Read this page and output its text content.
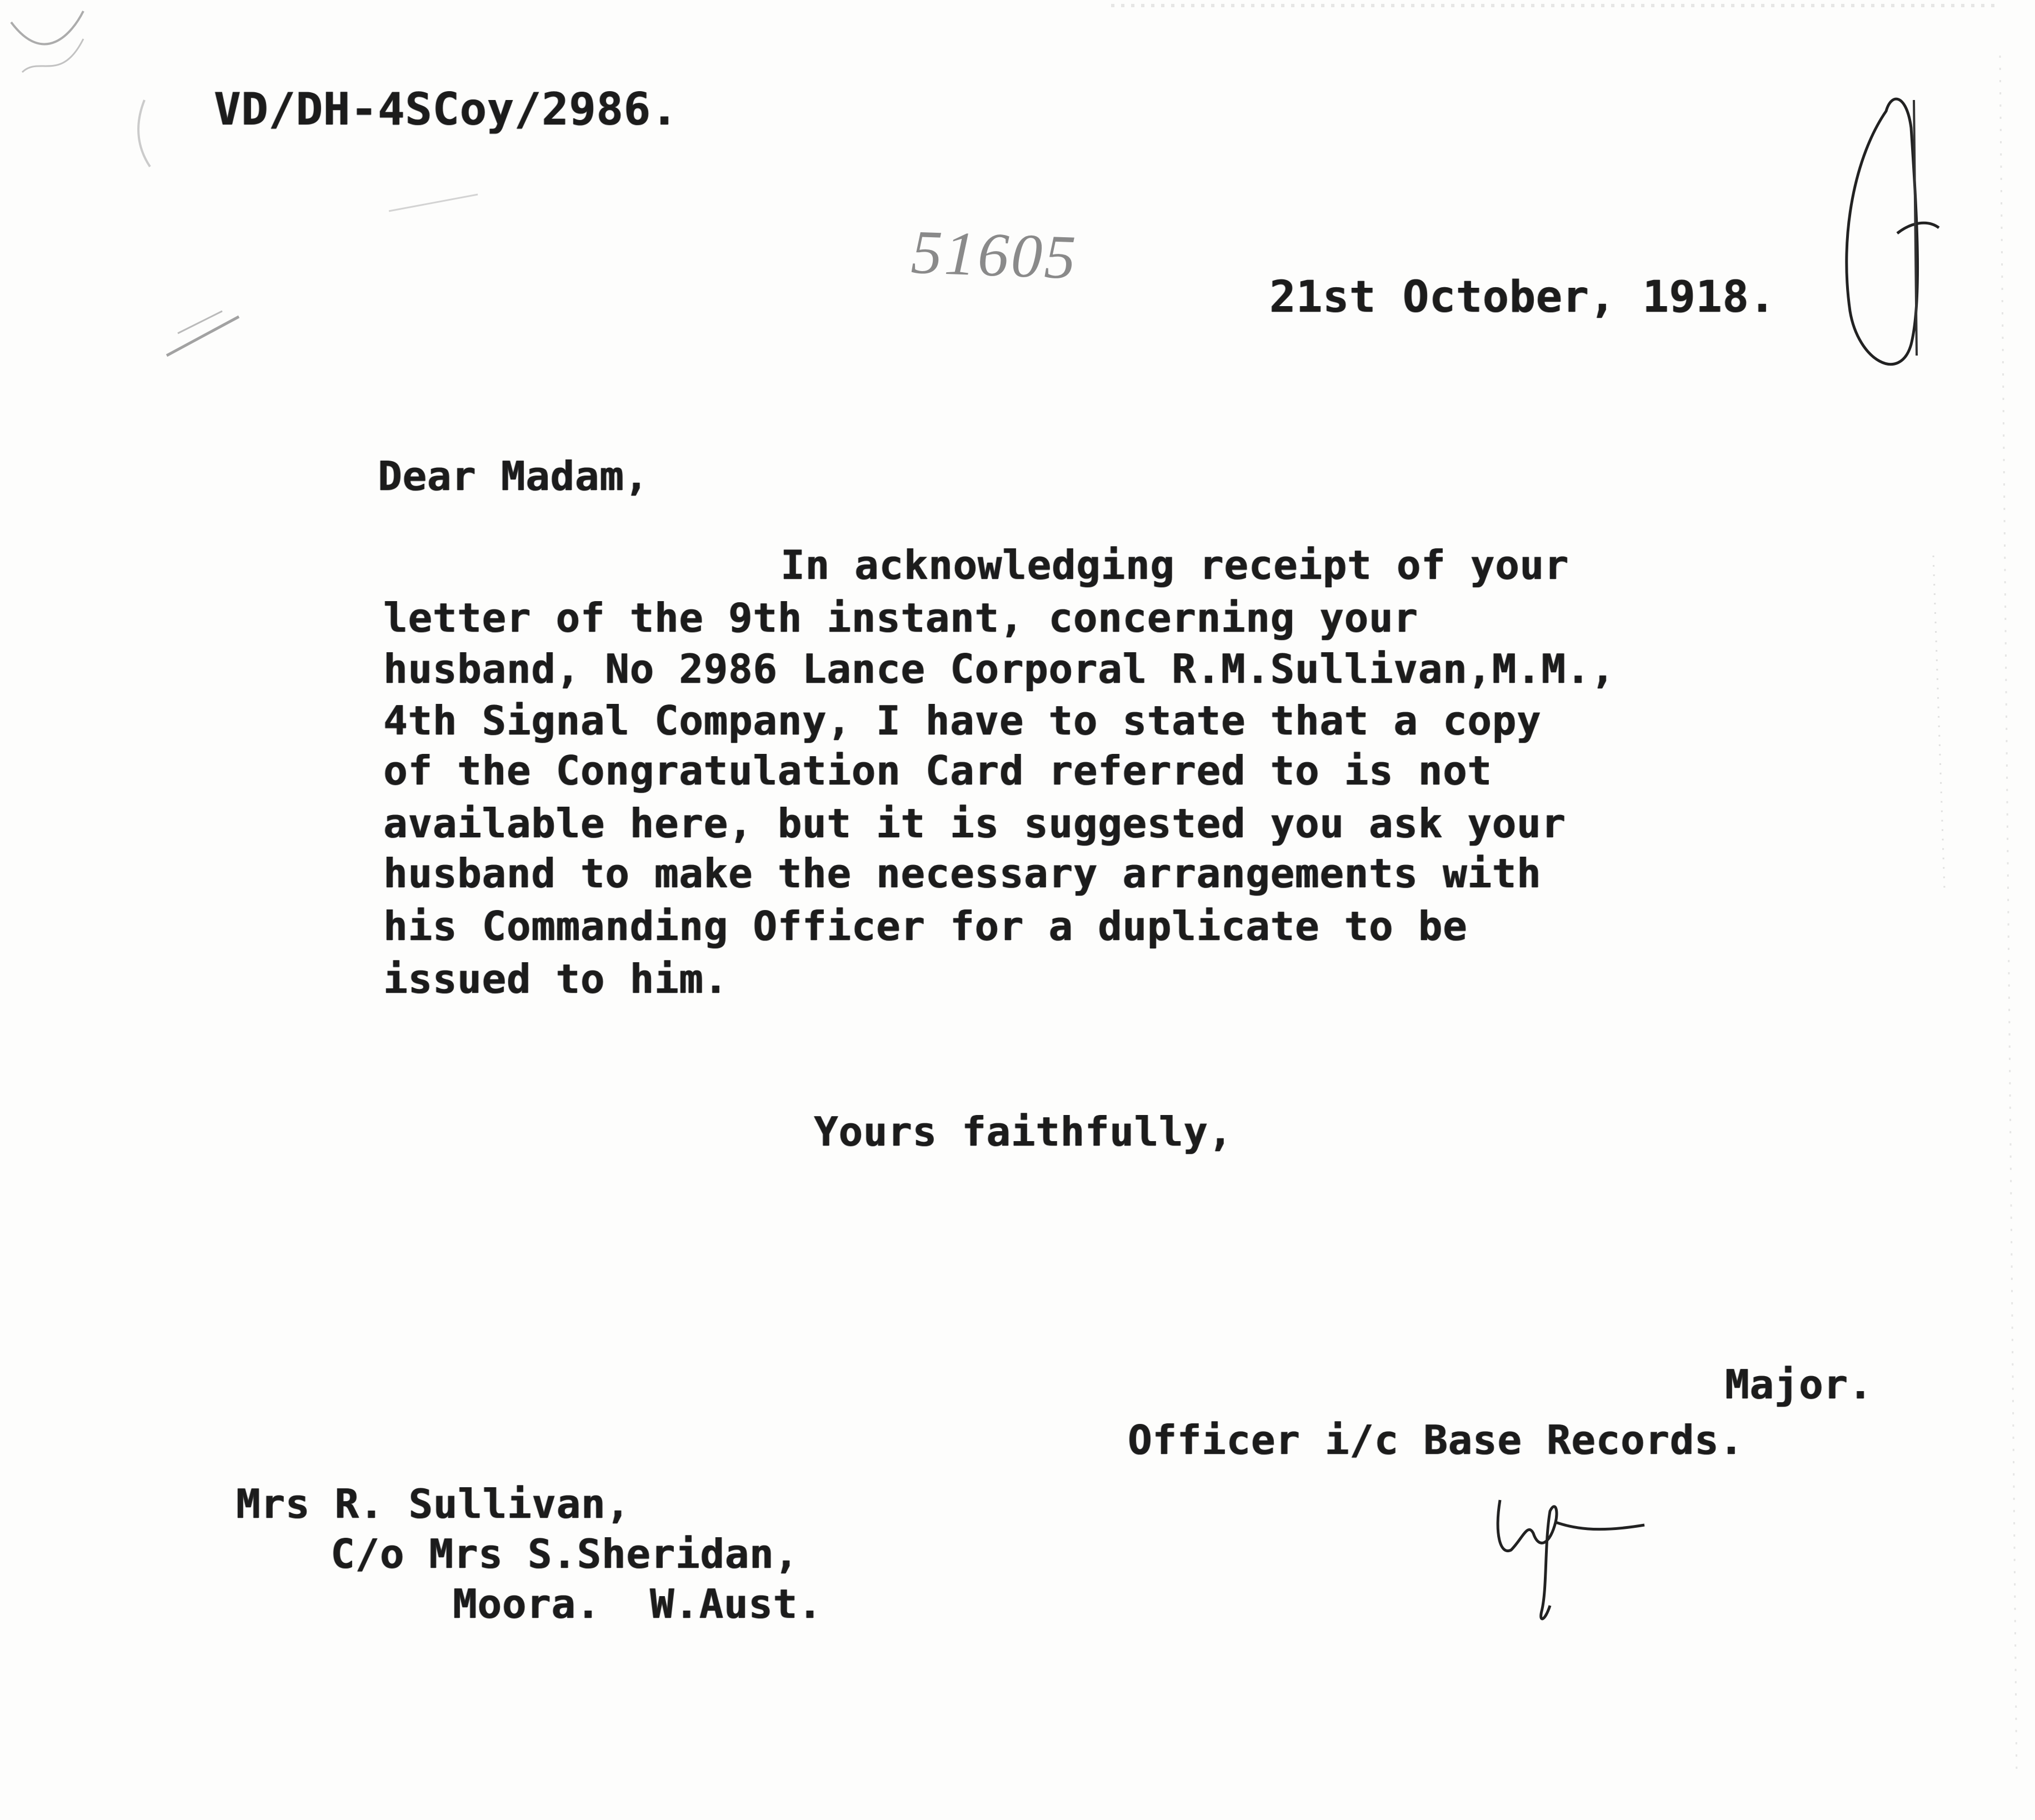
VD/DH-4SCoy/2986.
51605
21st October, 1918.
Dear Madam,
In acknowledging receipt of your
letter of the 9th instant, concerning your
husband, No 2986 Lance Corporal R.M.Sullivan,M.M.,
4th Signal Company, I have to state that a copy
of the Congratulation Card referred to is not
available here, but it is suggested you ask your
husband to make the necessary arrangements with
his Commanding Officer for a duplicate to be
issued to him.
Yours faithfully,
Major.
Officer i/c Base Records.
Mrs R. Sullivan,
C/o Mrs S.Sheridan,
Moora.  W.Aust.
